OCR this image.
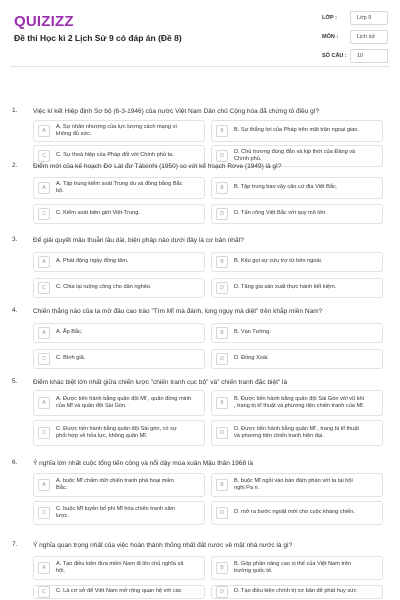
QUIZIZZ
Đề thi Học kì 2 Lịch Sử 9 có đáp án (Đề 8)
LỚP :	Lớp 9
MÔN :	Lịch sử
SỐ CÂU :	10
1. Việc kí kết Hiệp định Sơ bộ (6-3-1946) của nước Việt Nam Dân chủ Cộng hòa đã chứng tỏ điều gì?
A
A. Sự nhân nhượng của lực lượng cách mạng vì
không đủ sức.	B	B. Sự thắng lợi của Pháp trên mặt trận ngoại giao.
C	C. Sự thoả hiệp của Pháp đối với Chính phủ ta.	D
D. Chủ trương đúng đắn và kịp thời của Đảng và
Chính phủ.
2. Điểm mới của kế hoạch Đờ Lát đơ Tátxinhi (1950) so với kế hoạch Rơve (1949) là gì?
A
A. Tập trung kiểm soát Trung du và đồng bằng Bắc
bộ.	B	B. Tập trung bao vây căn cứ địa Việt Bắc.
C	C. Kiểm soát biên giới Việt-Trung.	D	D. Tấn công Việt Bắc với quy mô lớn.
3. Để giải quyết mâu thuẫn lâu dài, biện pháp nào dưới đây là cơ bản nhất?
A	A. Phát động ngày đồng tâm.	B	B. Kêu gọi sự cứu trợ từ bên ngoài.
C	C. Chia lại ruộng công cho dân nghèo.	D	D. Tăng gia sản xuất thực hành tiết kiệm.
4. Chiến thắng nào của ta mở đầu cao trào "Tìm Mĩ mà đánh, lùng ngụy mà diệt" trên khắp miền Nam?
A	A. Ấp Bắc.	B	B. Vạn Tường.
C	C. Bình giã.	D	D. Đồng Xoài.
5. Điểm khác biệt lớn nhất giữa chiến lược "chiến tranh cục bộ" và" chiến tranh đặc biệt" là
A
A. Được tiến hành bằng quân đội Mĩ , quân đồng minh
của Mĩ và quân đội Sài Gòn.	B
B. Được tiến hành bằng quân đội Sài Gòn với vũ khí
, trang bị kĩ thuật và phương tiện chiến tranh của Mĩ.
C
C. Được tiến hành bằng quân đội Sài gòn, có sự
phối hợp về hỏa lực, không quân Mĩ.	D
D. Được tiến hành bằng quân Mĩ , trang bị kĩ thuật
và phương tiện chiến tranh hiện đại.
6. Ý nghĩa lớn nhất cuộc tổng tiến công và nổi dậy mùa xuân Mậu thân 1968 là
A
A. buộc Mĩ chấm dứt chiến tranh phá hoại miền
Bắc.	B
B. buộc Mĩ ngồi vào bàn đàm phán với ta tại hội
nghị Pa ri.
C
C. buộc Mĩ tuyên bố phi Mĩ hóa chiến tranh xâm
lược.	D	D. mở ra bước ngoặt mới cho cuộc kháng chiến.
7. Ý nghĩa quan trọng nhất của việc hoàn thành thống nhất đất nước về mặt nhà nước là gì?
A
A. Tạo điều kiện đưa miền Nam đi lên chủ nghĩa xã
hội.	B
B. Góp phần nâng cao vị thế của Việt Nam trên
trường quốc tế.
C	C. Là cơ sở để Việt Nam mở rộng quan hệ với các	D	D. Tạo điều kiện chính trị cơ bản để phát huy sức
